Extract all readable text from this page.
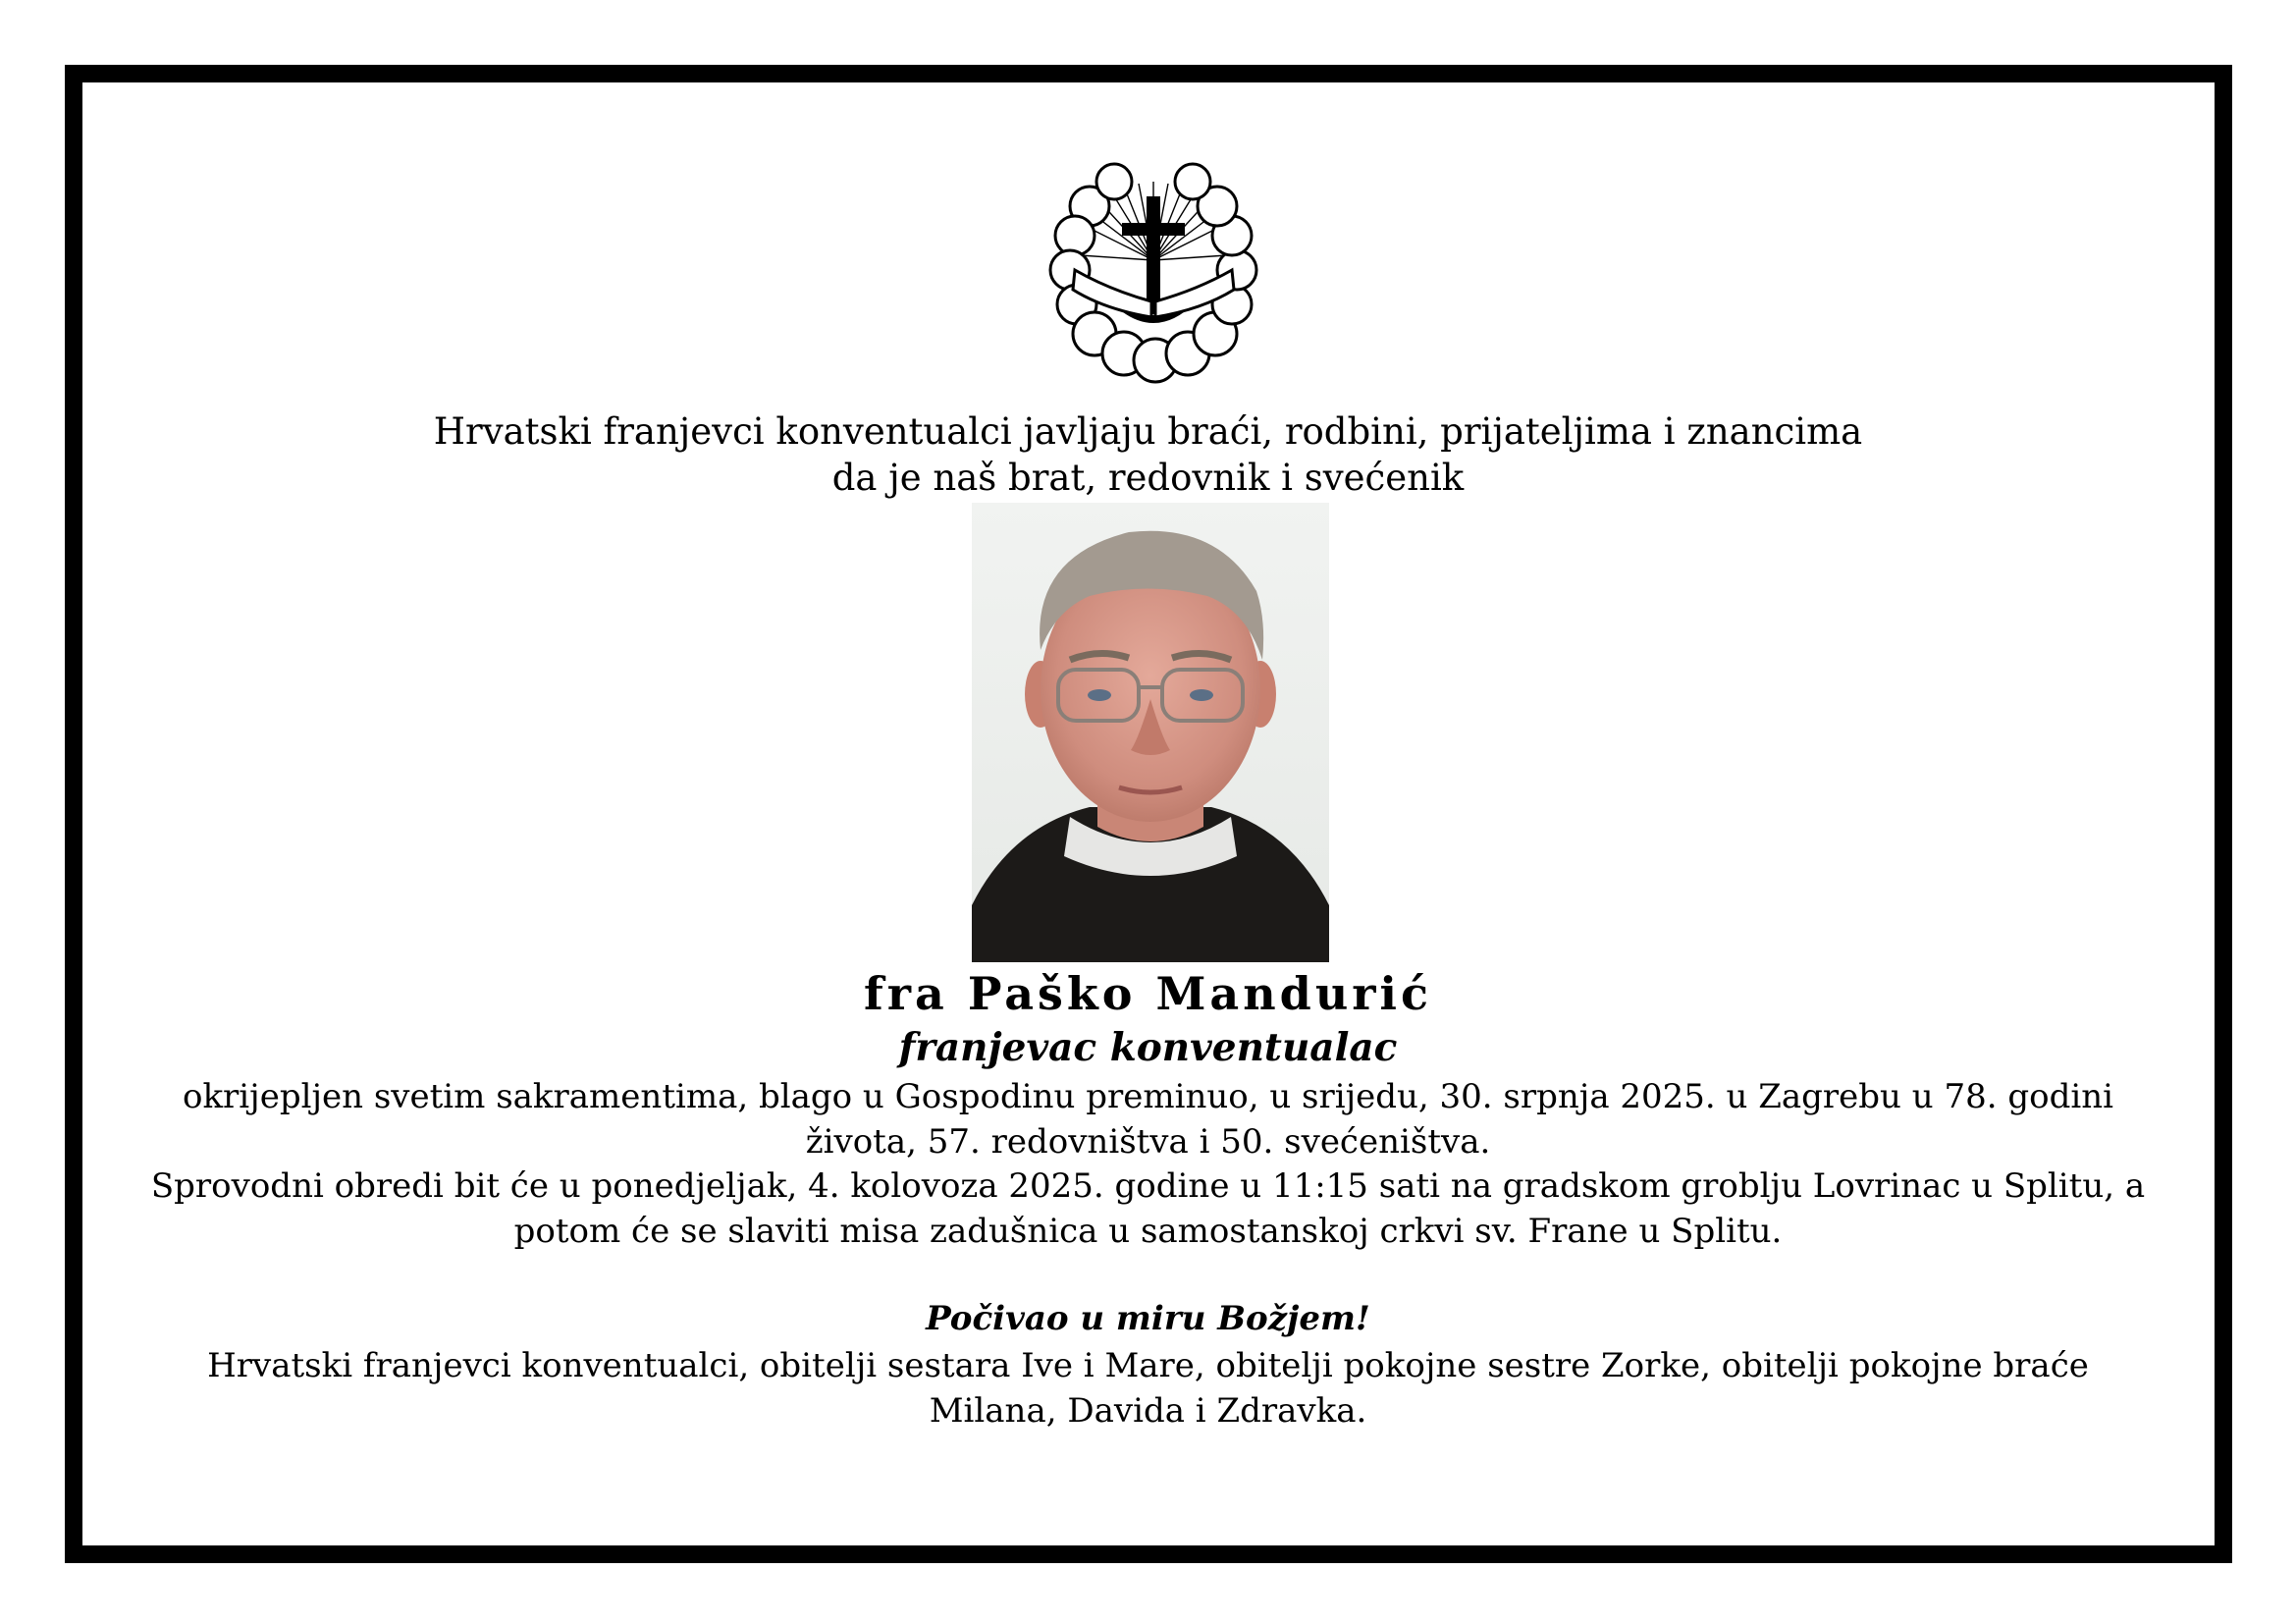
Hrvatski franjevci konventualci javljaju braći, rodbini, prijateljima i znancima
da je naš brat, redovnik i svećenik
fra Paško Mandurić
franjevac konventualac
okrijepljen svetim sakramentima, blago u Gospodinu preminuo, u srijedu, 30. srpnja 2025. u Zagrebu u 78. godini
života, 57. redovništva i 50. svećeništva.
Sprovodni obredi bit će u ponedjeljak, 4. kolovoza 2025. godine u 11:15 sati na gradskom groblju Lovrinac u Splitu, a
potom će se slaviti misa zadušnica u samostanskoj crkvi sv. Frane u Splitu.
Počivao u miru Božjem!
Hrvatski franjevci konventualci, obitelji sestara Ive i Mare, obitelji pokojne sestre Zorke, obitelji pokojne braće
Milana, Davida i Zdravka.
